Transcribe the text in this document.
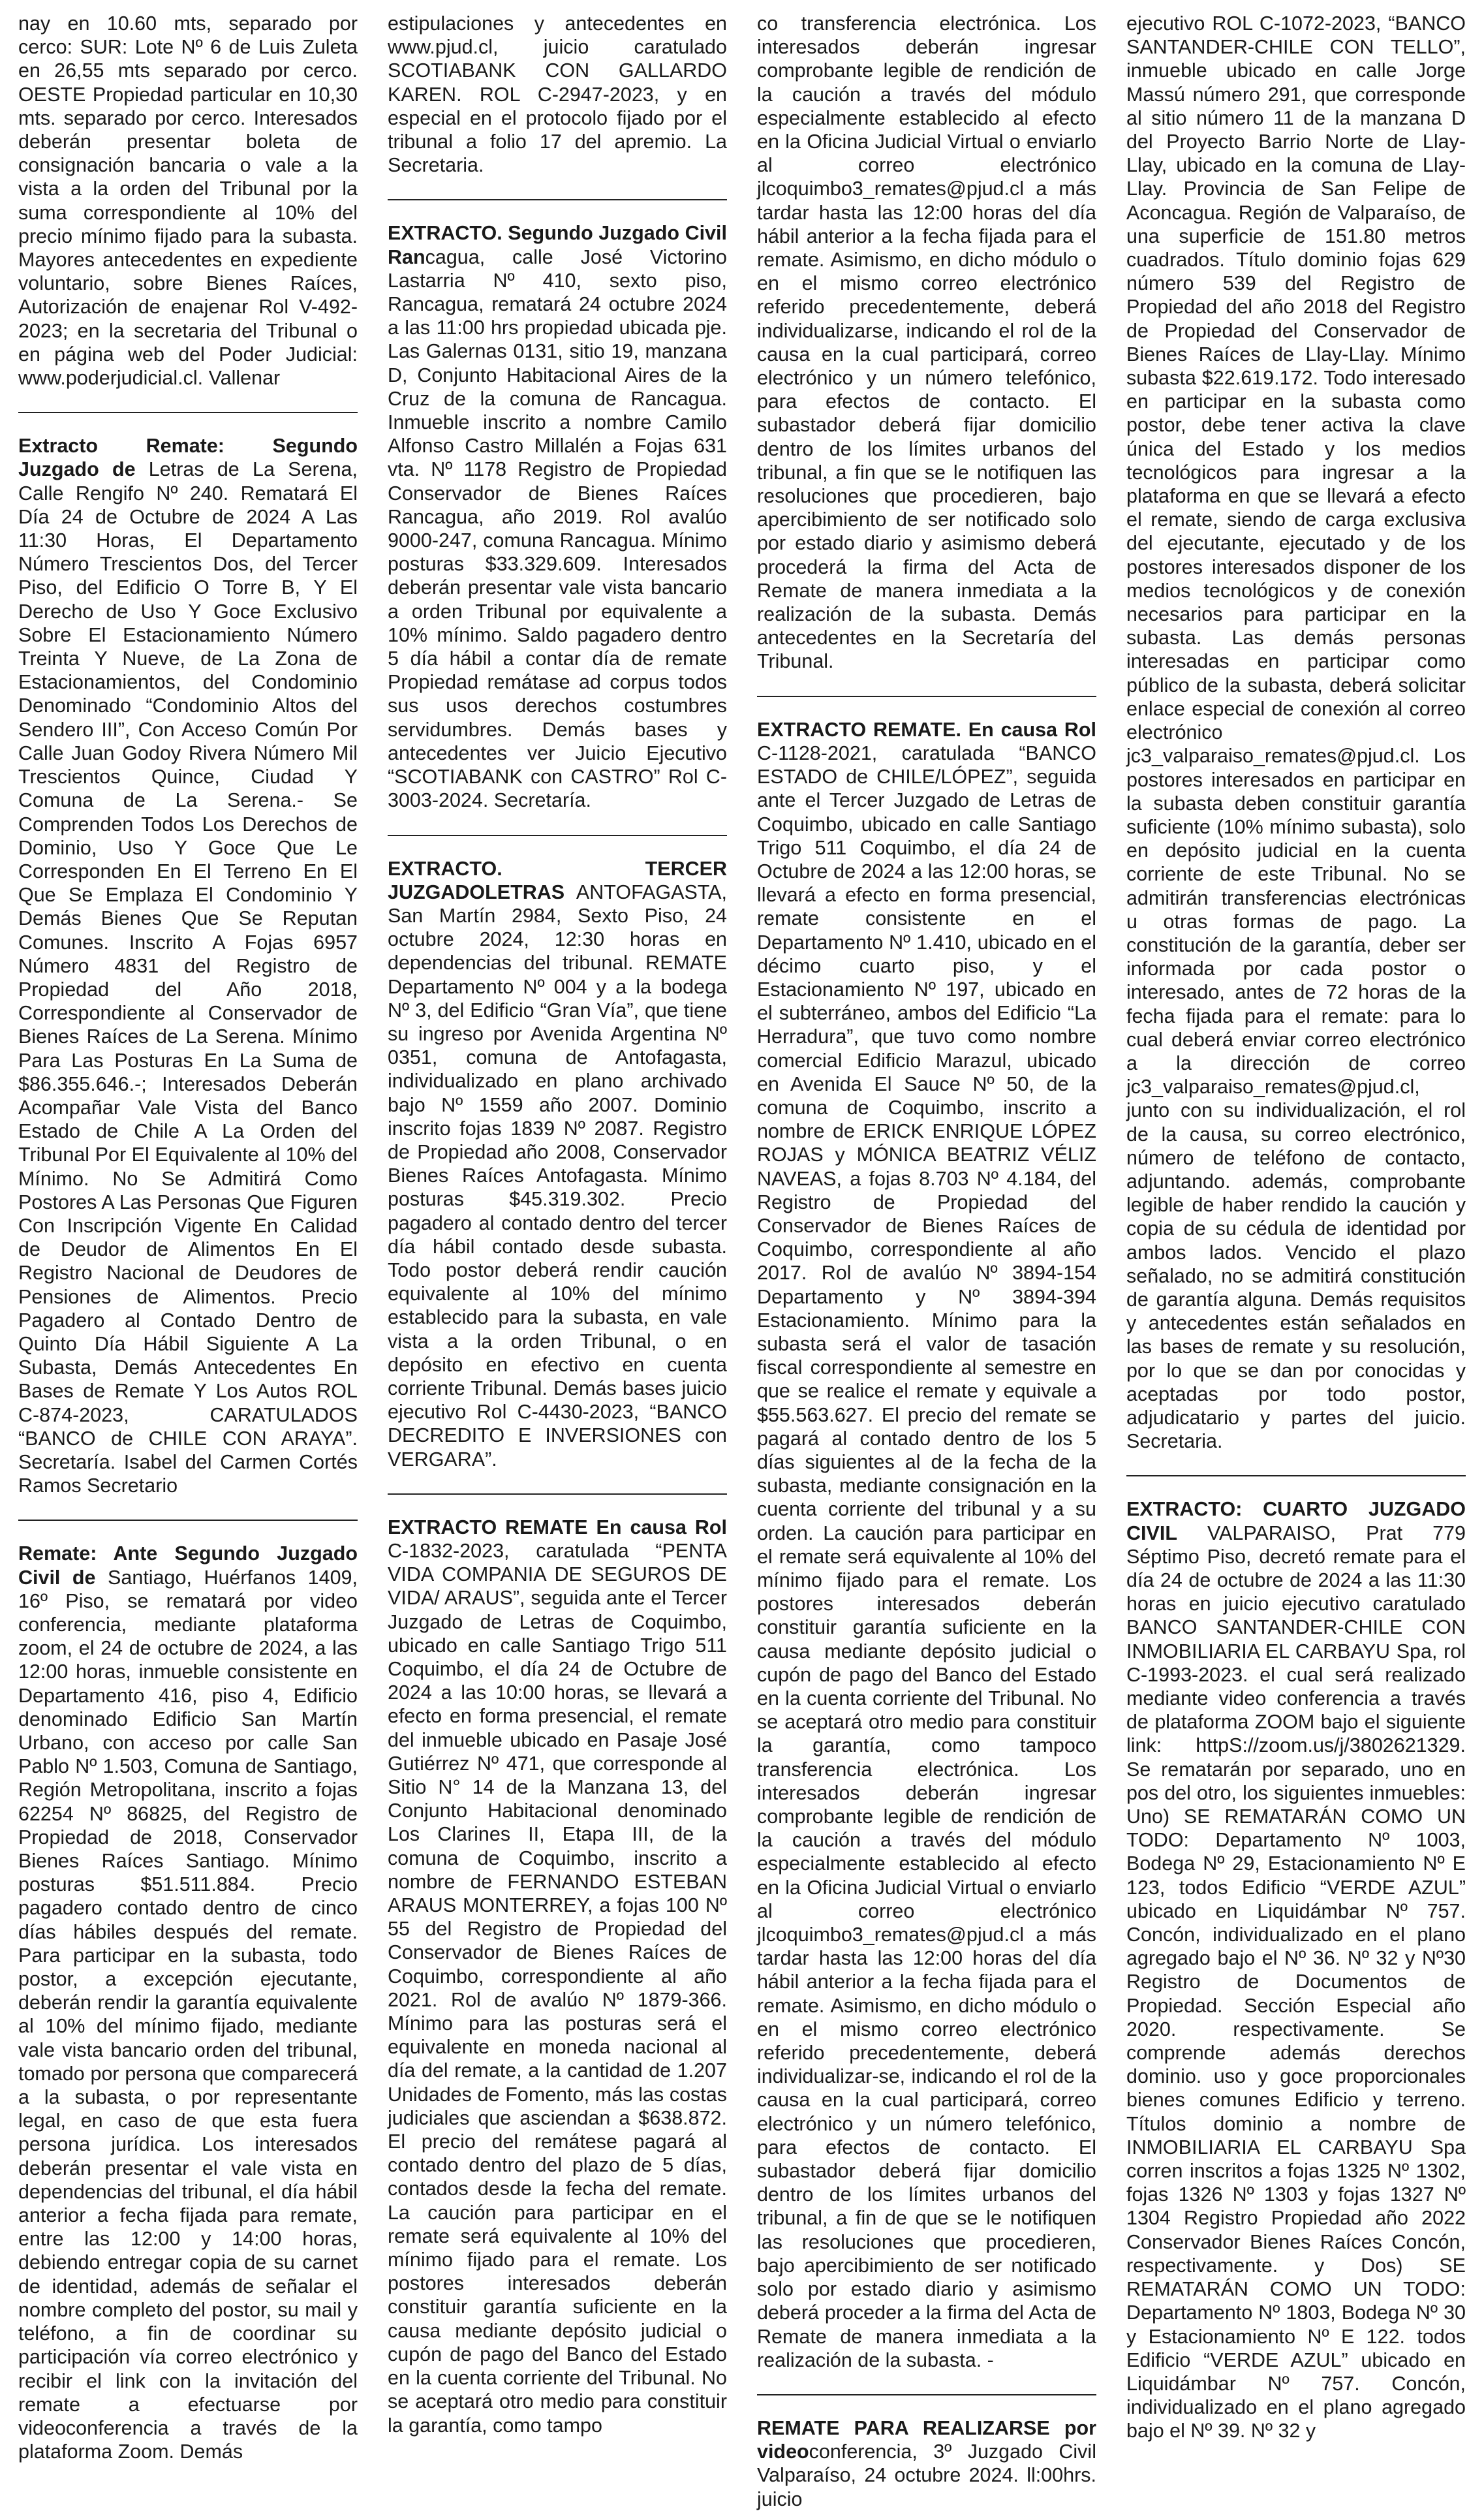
nay en 10.60 mts, separado por cerco: SUR: Lote Nº 6 de Luis Zuleta en 26,55 mts separado por cerco. OESTE Propiedad particular en 10,30 mts. separado por cerco. Interesados deberán presentar boleta de consignación bancaria o vale a la vista a la orden del Tribunal por la suma correspondiente al 10% del precio mínimo fijado para la subasta. Mayores antecedentes en expediente voluntario, sobre Bienes Raíces, Autorización de enajenar Rol V-492-2023; en la secretaria del Tribunal o en página web del Poder Judicial: www.poderjudicial.cl. Vallenar

Extracto Remate: Segundo Juzgado de Letras de La Serena, Calle Rengifo Nº 240. Rematará El Día 24 de Octubre de 2024 A Las 11:30 Horas, El Departamento Número Trescientos Dos, del Tercer Piso, del Edificio O Torre B, Y El Derecho de Uso Y Goce Exclusivo Sobre El Estacionamiento Número Treinta Y Nueve, de La Zona de Estacionamientos, del Condominio Denominado “Condominio Altos del Sendero III”, Con Acceso Común Por Calle Juan Godoy Rivera Número Mil Trescientos Quince, Ciudad Y Comuna de La Serena.- Se Comprenden Todos Los Derechos de Dominio, Uso Y Goce Que Le Corresponden En El Terreno En El Que Se Emplaza El Condominio Y Demás Bienes Que Se Reputan Comunes. Inscrito A Fojas 6957 Número 4831 del Registro de Propiedad del Año 2018, Correspondiente al Conservador de Bienes Raíces de La Serena. Mínimo Para Las Posturas En La Suma de $86.355.646.-; Interesados Deberán Acompañar Vale Vista del Banco Estado de Chile A La Orden del Tribunal Por El Equivalente al 10% del Mínimo. No Se Admitirá Como Postores A Las Personas Que Figuren Con Inscripción Vigente En Calidad de Deudor de Alimentos En El Registro Nacional de Deudores de Pensiones de Alimentos. Precio Pagadero al Contado Dentro de Quinto Día Hábil Siguiente A La Subasta, Demás Antecedentes En Bases de Remate Y Los Autos ROL C-874-2023, CARATULADOS “BANCO de CHILE CON ARAYA”. Secretaría. Isabel del Carmen Cortés Ramos Secretario

Remate: Ante Segundo Juzgado Civil de Santiago, Huérfanos 1409, 16º Piso, se rematará por video conferencia, mediante plataforma zoom, el 24 de octubre de 2024, a las 12:00 horas, inmueble consistente en Departamento 416, piso 4, Edificio denominado Edificio San Martín Urbano, con acceso por calle San Pablo Nº 1.503, Comuna de Santiago, Región Metropolitana, inscrito a fojas 62254 Nº 86825, del Registro de Propiedad de 2018, Conservador Bienes Raíces Santiago. Mínimo posturas $51.511.884. Precio pagadero contado dentro de cinco días hábiles después del remate. Para participar en la subasta, todo postor, a excepción ejecutante, deberán rendir la garantía equivalente al 10% del mínimo fijado, mediante vale vista bancario orden del tribunal, tomado por persona que comparecerá a la subasta, o por representante legal, en caso de que esta fuera persona jurídica. Los interesados deberán presentar el vale vista en dependencias del tribunal, el día hábil anterior a fecha fijada para remate, entre las 12:00 y 14:00 horas, debiendo entregar copia de su carnet de identidad, además de señalar el nombre completo del postor, su mail y teléfono, a fin de coordinar su participación vía correo electrónico y recibir el link con la invitación del remate a efectuarse por videoconferencia a través de la plataforma Zoom. Demás

estipulaciones y antecedentes en www.pjud.cl, juicio caratulado SCOTIABANK CON GALLARDO KAREN. ROL C-2947-2023, y en especial en el protocolo fijado por el tribunal a folio 17 del apremio. La Secretaria.

EXTRACTO. Segundo Juzgado Civil Rancagua, calle José Victorino Lastarria Nº 410, sexto piso, Rancagua, rematará 24 octubre 2024 a las 11:00 hrs propiedad ubicada pje. Las Galernas 0131, sitio 19, manzana D, Conjunto Habitacional Aires de la Cruz de la comuna de Rancagua. Inmueble inscrito a nombre Camilo Alfonso Castro Millalén a Fojas 631 vta. Nº 1178 Registro de Propiedad Conservador de Bienes Raíces Rancagua, año 2019. Rol avalúo 9000-247, comuna Rancagua. Mínimo posturas $33.329.609. Interesados deberán presentar vale vista bancario a orden Tribunal por equivalente a 10% mínimo. Saldo pagadero dentro 5 día hábil a contar día de remate Propiedad remátase ad corpus todos sus usos derechos costumbres servidumbres. Demás bases y antecedentes ver Juicio Ejecutivo “SCOTIABANK con CASTRO” Rol C-3003-2024. Secretaría.

EXTRACTO. TERCER JUZGADOLETRAS ANTOFAGASTA, San Martín 2984, Sexto Piso, 24 octubre 2024, 12:30 horas en dependencias del tribunal. REMATE Departamento Nº 004 y a la bodega Nº 3, del Edificio “Gran Vía”, que tiene su ingreso por Avenida Argentina Nº 0351, comuna de Antofagasta, individualizado en plano archivado bajo Nº 1559 año 2007. Dominio inscrito fojas 1839 Nº 2087. Registro de Propiedad año 2008, Conservador Bienes Raíces Antofagasta. Mínimo posturas $45.319.302. Precio pagadero al contado dentro del tercer día hábil contado desde subasta. Todo postor deberá rendir caución equivalente al 10% del mínimo establecido para la subasta, en vale vista a la orden Tribunal, o en depósito en efectivo en cuenta corriente Tribunal. Demás bases juicio ejecutivo Rol C-4430-2023, “BANCO DECREDITO E INVERSIONES con VERGARA”.

EXTRACTO REMATE En causa Rol C-1832-2023, caratulada “PENTA VIDA COMPANIA DE SEGUROS DE VIDA/ ARAUS”, seguida ante el Tercer Juzgado de Letras de Coquimbo, ubicado en calle Santiago Trigo 511 Coquimbo, el día 24 de Octubre de 2024 a las 10:00 horas, se llevará a efecto en forma presencial, el remate del inmueble ubicado en Pasaje José Gutiérrez Nº 471, que corresponde al Sitio N° 14 de la Manzana 13, del Conjunto Habitacional denominado Los Clarines II, Etapa III, de la comuna de Coquimbo, inscrito a nombre de FERNANDO ESTEBAN ARAUS MONTERREY, a fojas 100 Nº 55 del Registro de Propiedad del Conservador de Bienes Raíces de Coquimbo, correspondiente al año 2021. Rol de avalúo Nº 1879-366. Mínimo para las posturas será el equivalente en moneda nacional al día del remate, a la cantidad de 1.207 Unidades de Fomento, más las costas judiciales que asciendan a $638.872. El precio del remátese pagará al contado dentro del plazo de 5 días, contados desde la fecha del remate. La caución para participar en el remate será equivalente al 10% del mínimo fijado para el remate. Los postores interesados deberán constituir garantía suficiente en la causa mediante depósito judicial o cupón de pago del Banco del Estado en la cuenta corriente del Tribunal. No se aceptará otro medio para constituir la garantía, como tampo

co transferencia electrónica. Los interesados deberán ingresar comprobante legible de rendición de la caución a través del módulo especialmente establecido al efecto en la Oficina Judicial Virtual o enviarlo al correo electrónico jlcoquimbo3_remates@pjud.cl a más tardar hasta las 12:00 horas del día hábil anterior a la fecha fijada para el remate. Asimismo, en dicho módulo o en el mismo correo electrónico referido precedentemente, deberá individualizarse, indicando el rol de la causa en la cual participará, correo electrónico y un número telefónico, para efectos de contacto. El subastador deberá fijar domicilio dentro de los límites urbanos del tribunal, a fin que se le notifiquen las resoluciones que procedieren, bajo apercibimiento de ser notificado solo por estado diario y asimismo deberá procederá la firma del Acta de Remate de manera inmediata a la realización de la subasta. Demás antecedentes en la Secretaría del Tribunal.

EXTRACTO REMATE. En causa Rol C-1128-2021, caratulada “BANCO ESTADO de CHILE/LÓPEZ”, seguida ante el Tercer Juzgado de Letras de Coquimbo, ubicado en calle Santiago Trigo 511 Coquimbo, el día 24 de Octubre de 2024 a las 12:00 horas, se llevará a efecto en forma presencial, remate consistente en el Departamento Nº 1.410, ubicado en el décimo cuarto piso, y el Estacionamiento Nº 197, ubicado en el subterráneo, ambos del Edificio “La Herradura”, que tuvo como nombre comercial Edificio Marazul, ubicado en Avenida El Sauce Nº 50, de la comuna de Coquimbo, inscrito a nombre de ERICK ENRIQUE LÓPEZ ROJAS y MÓNICA BEATRIZ VÉLIZ NAVEAS, a fojas 8.703 Nº 4.184, del Registro de Propiedad del Conservador de Bienes Raíces de Coquimbo, correspondiente al año 2017. Rol de avalúo Nº 3894-154 Departamento y Nº 3894-394 Estacionamiento. Mínimo para la subasta será el valor de tasación fiscal correspondiente al semestre en que se realice el remate y equivale a $55.563.627. El precio del remate se pagará al contado dentro de los 5 días siguientes al de la fecha de la subasta, mediante consignación en la cuenta corriente del tribunal y a su orden. La caución para participar en el remate será equivalente al 10% del mínimo fijado para el remate. Los postores interesados deberán constituir garantía suficiente en la causa mediante depósito judicial o cupón de pago del Banco del Estado en la cuenta corriente del Tribunal. No se aceptará otro medio para constituir la garantía, como tampoco transferencia electrónica. Los interesados deberán ingresar comprobante legible de rendición de la caución a través del módulo especialmente establecido al efecto en la Oficina Judicial Virtual o enviarlo al correo electrónico jlcoquimbo3_remates@pjud.cl a más tardar hasta las 12:00 horas del día hábil anterior a la fecha fijada para el remate. Asimismo, en dicho módulo o en el mismo correo electrónico referido precedentemente, deberá individualizar-se, indicando el rol de la causa en la cual participará, correo electrónico y un número telefónico, para efectos de contacto. El subastador deberá fijar domicilio dentro de los límites urbanos del tribunal, a fin de que se le notifiquen las resoluciones que procedieren, bajo apercibimiento de ser notificado solo por estado diario y asimismo deberá proceder a la firma del Acta de Remate de manera inmediata a la realización de la subasta. -

REMATE PARA REALIZARSE por videoconferencia, 3º Juzgado Civil Valparaíso, 24 octubre 2024. ll:00hrs. juicio

ejecutivo ROL C-1072-2023, “BANCO SANTANDER-CHILE CON TELLO”, inmueble ubicado en calle Jorge Massú número 291, que corresponde al sitio número 11 de la manzana D del Proyecto Barrio Norte de Llay-Llay, ubicado en la comuna de Llay-Llay. Provincia de San Felipe de Aconcagua. Región de Valparaíso, de una superficie de 151.80 metros cuadrados. Título dominio fojas 629 número 539 del Registro de Propiedad del año 2018 del Registro de Propiedad del Conservador de Bienes Raíces de Llay-Llay. Mínimo subasta $22.619.172. Todo interesado en participar en la subasta como postor, debe tener activa la clave única del Estado y los medios tecnológicos para ingresar a la plataforma en que se llevará a efecto el remate, siendo de carga exclusiva del ejecutante, ejecutado y de los postores interesados disponer de los medios tecnológicos y de conexión necesarios para participar en la subasta. Las demás personas interesadas en participar como público de la subasta, deberá solicitar enlace especial de conexión al correo electrónico jc3_valparaiso_remates@pjud.cl. Los postores interesados en participar en la subasta deben constituir garantía suficiente (10% mínimo subasta), solo en depósito judicial en la cuenta corriente de este Tribunal. No se admitirán transferencias electrónicas u otras formas de pago. La constitución de la garantía, deber ser informada por cada postor o interesado, antes de 72 horas de la fecha fijada para el remate: para lo cual deberá enviar correo electrónico a la dirección de correo jc3_valparaiso_remates@pjud.cl, junto con su individualización, el rol de la causa, su correo electrónico, número de teléfono de contacto, adjuntando. además, comprobante legible de haber rendido la caución y copia de su cédula de identidad por ambos lados. Vencido el plazo señalado, no se admitirá constitución de garantía alguna. Demás requisitos y antecedentes están señalados en las bases de remate y su resolución, por lo que se dan por conocidas y aceptadas por todo postor, adjudicatario y partes del juicio. Secretaria.

EXTRACTO: CUARTO JUZGADO CIVIL VALPARAISO, Prat 779 Séptimo Piso, decretó remate para el día 24 de octubre de 2024 a las 11:30 horas en juicio ejecutivo caratulado BANCO SANTANDER-CHILE CON INMOBILIARIA EL CARBAYU Spa, rol C-1993-2023. el cual será realizado mediante video conferencia a través de plataforma ZOOM bajo el siguiente link: httpS://zoom.us/j/3802621329. Se rematarán por separado, uno en pos del otro, los siguientes inmuebles: Uno) SE REMATARÁN COMO UN TODO: Departamento Nº 1003, Bodega Nº 29, Estacionamiento Nº E 123, todos Edificio “VERDE AZUL” ubicado en Liquidámbar Nº 757. Concón, individualizado en el plano agregado bajo el Nº 36. Nº 32 y Nº30 Registro de Documentos de Propiedad. Sección Especial año 2020. respectivamente. Se comprende además derechos dominio. uso y goce proporcionales bienes comunes Edificio y terreno. Títulos dominio a nombre de INMOBILIARIA EL CARBAYU Spa corren inscritos a fojas 1325 Nº 1302, fojas 1326 Nº 1303 y fojas 1327 Nº 1304 Registro Propiedad año 2022 Conservador Bienes Raíces Concón, respectivamente. y Dos) SE REMATARÁN COMO UN TODO: Departamento Nº 1803, Bodega Nº 30 y Estacionamiento Nº E 122. todos Edificio “VERDE AZUL” ubicado en Liquidámbar Nº 757. Concón, individualizado en el plano agregado bajo el Nº 39. Nº 32 y
